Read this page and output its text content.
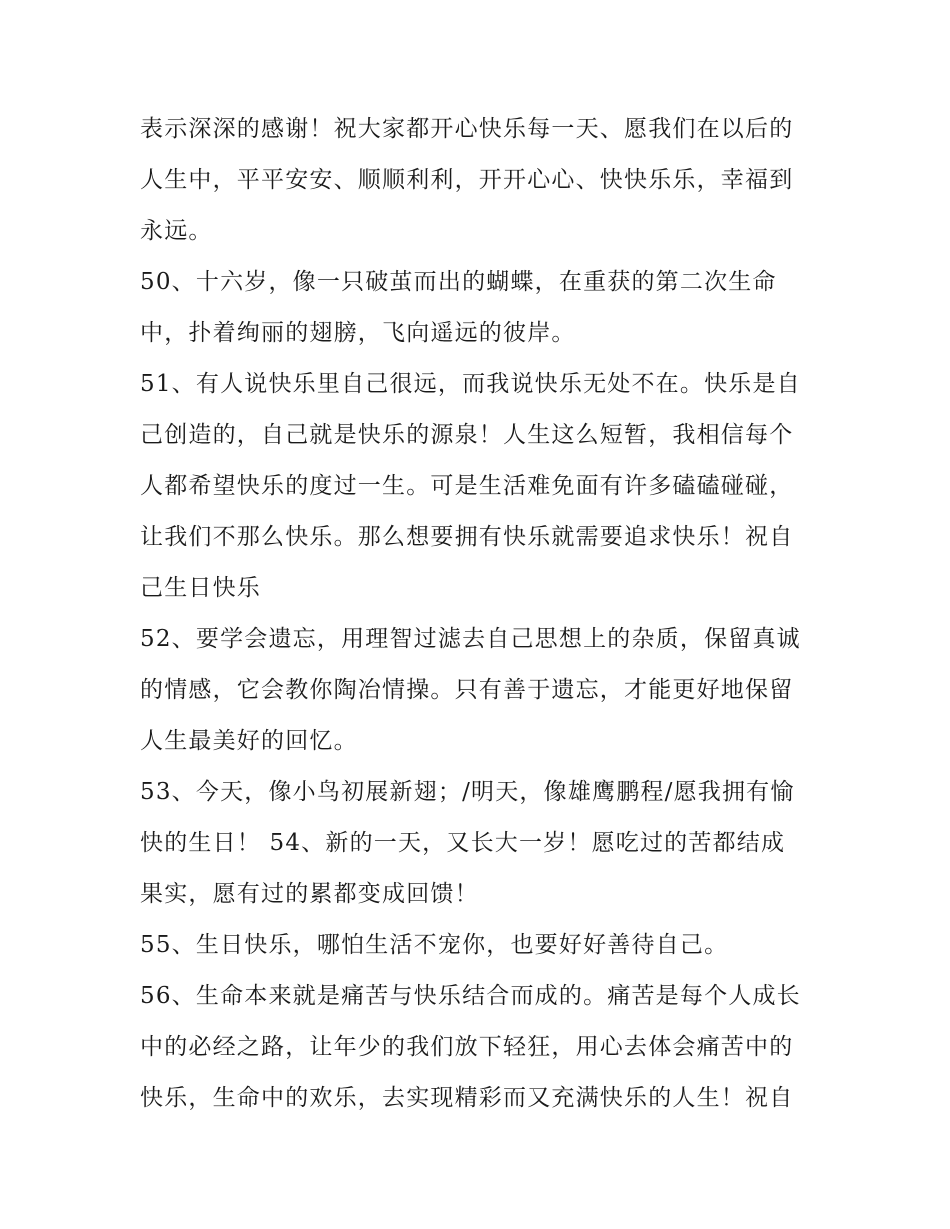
表示深深的感谢！祝大家都开心快乐每一天、愿我们在以后的
人生中，平平安安、顺顺利利，开开心心、快快乐乐，幸福到
永远。
50、十六岁，像一只破茧而出的蝴蝶，在重获的第二次生命
中，扑着绚丽的翅膀，飞向遥远的彼岸。
51、有人说快乐里自己很远，而我说快乐无处不在。快乐是自
己创造的，自己就是快乐的源泉！人生这么短暂，我相信每个
人都希望快乐的度过一生。可是生活难免面有许多磕磕碰碰，
让我们不那么快乐。那么想要拥有快乐就需要追求快乐！祝自
己生日快乐
52、要学会遗忘，用理智过滤去自己思想上的杂质，保留真诚
的情感，它会教你陶冶情操。只有善于遗忘，才能更好地保留
人生最美好的回忆。
53、今天，像小鸟初展新翅；/明天，像雄鹰鹏程/愿我拥有愉
快的生日！ 54、新的一天，又长大一岁！愿吃过的苦都结成
果实，愿有过的累都变成回馈！
55、生日快乐，哪怕生活不宠你，也要好好善待自己。
56、生命本来就是痛苦与快乐结合而成的。痛苦是每个人成长
中的必经之路，让年少的我们放下轻狂，用心去体会痛苦中的
快乐，生命中的欢乐，去实现精彩而又充满快乐的人生！祝自
